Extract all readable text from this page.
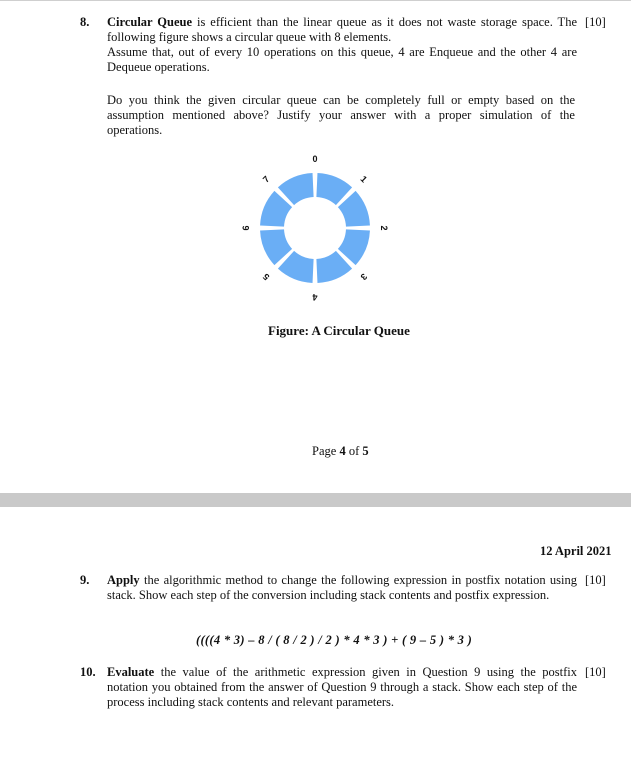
8.	[10]
Circular Queue is efficient than the linear queue as it does not waste storage space. The following figure shows a circular queue with 8 elements.
Assume that, out of every 10 operations on this queue, 4 are Enqueue and the other 4 are Dequeue operations.
Do you think the given circular queue can be completely full or empty based on the assumption mentioned above? Justify your answer with a proper simulation of the operations.
0
1
2
3
4
5
6
7
Figure: A Circular Queue
Page 4 of 5
12 April 2021
9.	[10]
Apply the algorithmic method to change the following expression in postfix notation using stack. Show each step of the conversion including stack contents and postfix expression.
((((4 * 3) – 8 / ( 8 / 2 ) / 2 ) * 4 * 3 ) + ( 9 – 5 ) * 3 )
10.	[10]
Evaluate the value of the arithmetic expression given in Question 9 using the postfix notation you obtained from the answer of Question 9 through a stack. Show each step of the process including stack contents and relevant parameters.
